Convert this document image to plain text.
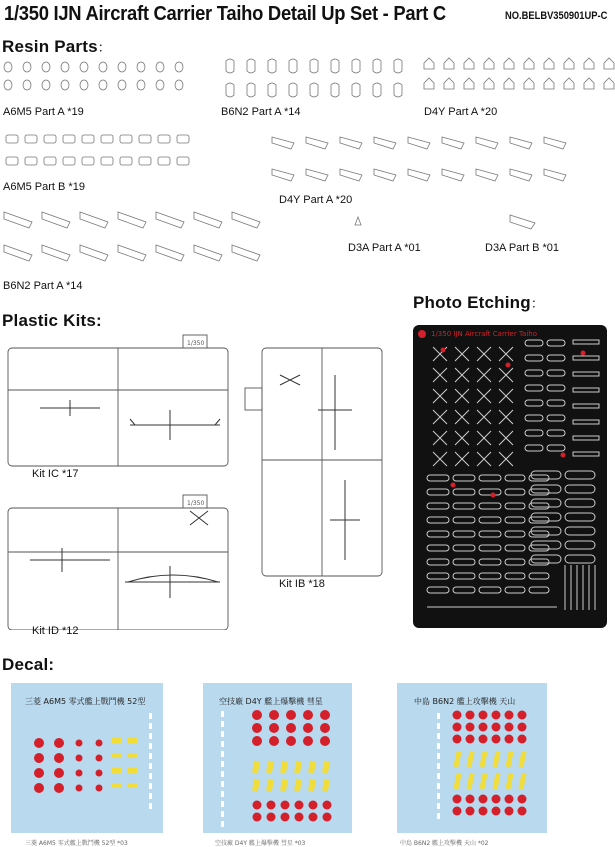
1/350 IJN Aircraft Carrier Taiho Detail Up Set - Part C	NO.BELBV350901UP-C
Resin Parts：
A6M5 Part A *19	B6N2 Part A *14	D4Y Part A *20
A6M5 Part B *19
D4Y Part A *20
D3A Part A *01	D3A Part B *01
B6N2 Part A *14
Plastic Kits:
1/350
1/350
Kit IC *17
Kit ID *12
Kit IB *18
Photo Etching：
1/350 IJN Aircraft Carrier Taiho
Decal:
三菱 A6M5 零式艦上戰鬥機 52型
三菱 A6M5 零式艦上戰鬥機 52型 *03
空技廠 D4Y 艦上爆擊機 彗星
空技廠 D4Y 艦上爆擊機 彗星 *03
中島 B6N2 艦上攻擊機 天山
中島 B6N2 艦上攻擊機 天山 *02
